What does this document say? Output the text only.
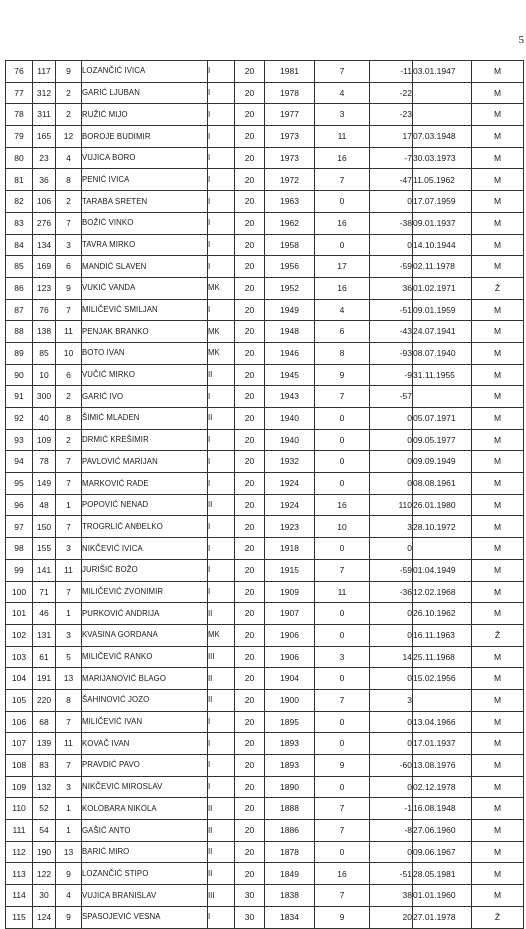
5
76	117	9	LOZANČIĆ IVICA	I	20	1981	7	-11	03.01.1947	M
77	312	2	GARIĆ LJUBAN	I	20	1978	4	-22		M
78	311	2	RUŽIĆ MIJO	I	20	1977	3	-23		M
79	165	12	BOROJE BUDIMIR	I	20	1973	11	17	07.03.1948	M
80	23	4	VUJICA BORO	I	20	1973	16	-7	30.03.1973	M
81	36	8	PENIĆ IVICA	I	20	1972	7	-47	11.05.1962	M
82	106	2	TARABA SRETEN	I	20	1963	0	0	17.07.1959	M
83	276	7	BOŽIĆ VINKO	I	20	1962	16	-38	09.01.1937	M
84	134	3	TAVRA MIRKO	I	20	1958	0	0	14.10.1944	M
85	169	6	MANDIĆ SLAVEN	I	20	1956	17	-59	02.11.1978	M
86	123	9	VUKIĆ VANDA	MK	20	1952	16	36	01.02.1971	Ž
87	76	7	MILIČEVIĆ SMILJAN	I	20	1949	4	-51	09.01.1959	M
88	138	11	PENJAK BRANKO	MK	20	1948	6	-43	24.07.1941	M
89	85	10	BOTO IVAN	MK	20	1946	8	-93	08.07.1940	M
90	10	6	VUČIĆ MIRKO	II	20	1945	9	-9	31.11.1955	M
91	300	2	GARIĆ IVO	I	20	1943	7	-57		M
92	40	8	ŠIMIĆ MLADEN	II	20	1940	0	0	05.07.1971	M
93	109	2	DRMIĆ KREŠIMIR	I	20	1940	0	0	09.05.1977	M
94	78	7	PAVLOVIĆ MARIJAN	I	20	1932	0	0	09.09.1949	M
95	149	7	MARKOVIĆ RADE	I	20	1924	0	0	08.08.1961	M
96	48	1	POPOVIĆ NENAD	II	20	1924	16	110	26.01.1980	M
97	150	7	TROGRLIĆ ANĐELKO	I	20	1923	10	3	28.10.1972	M
98	155	3	NIKČEVIĆ IVICA	I	20	1918	0	0		M
99	141	11	JURIŠIĆ BOŽO	I	20	1915	7	-59	01.04.1949	M
100	71	7	MILIČEVIĆ ZVONIMIR	I	20	1909	11	-36	12.02.1968	M
101	46	1	PURKOVIĆ ANDRIJA	II	20	1907	0	0	26.10.1962	M
102	131	3	KVASINA GORDANA	MK	20	1906	0	0	16.11.1963	Ž
103	61	5	MILIČEVIĆ RANKO	III	20	1906	3	14	25.11.1968	M
104	191	13	MARIJANOVIĆ BLAGO	II	20	1904	0	0	15.02.1956	M
105	220	8	ŠAHINOVIĆ JOZO	II	20	1900	7	3		M
106	68	7	MILIČEVIĆ IVAN	I	20	1895	0	0	13.04.1966	M
107	139	11	KOVAČ IVAN	I	20	1893	0	0	17.01.1937	M
108	83	7	PRAVDIĆ PAVO	I	20	1893	9	-60	13.08.1976	M
109	132	3	NIKČEVIĆ MIROSLAV	I	20	1890	0	0	02.12.1978	M
110	52	1	KOLOBARA NIKOLA	II	20	1888	7	-1	16.08.1948	M
111	54	1	GAŠIĆ ANTO	II	20	1886	7	-8	27.06.1960	M
112	190	13	BARIĆ MIRO	II	20	1878	0	0	09.06.1967	M
113	122	9	LOZANČIĆ STIPO	II	20	1849	16	-51	28.05.1981	M
114	30	4	VUJICA BRANISLAV	III	30	1838	7	38	01.01.1960	M
115	124	9	SPASOJEVIĆ VESNA	I	30	1834	9	20	27.01.1978	Ž
